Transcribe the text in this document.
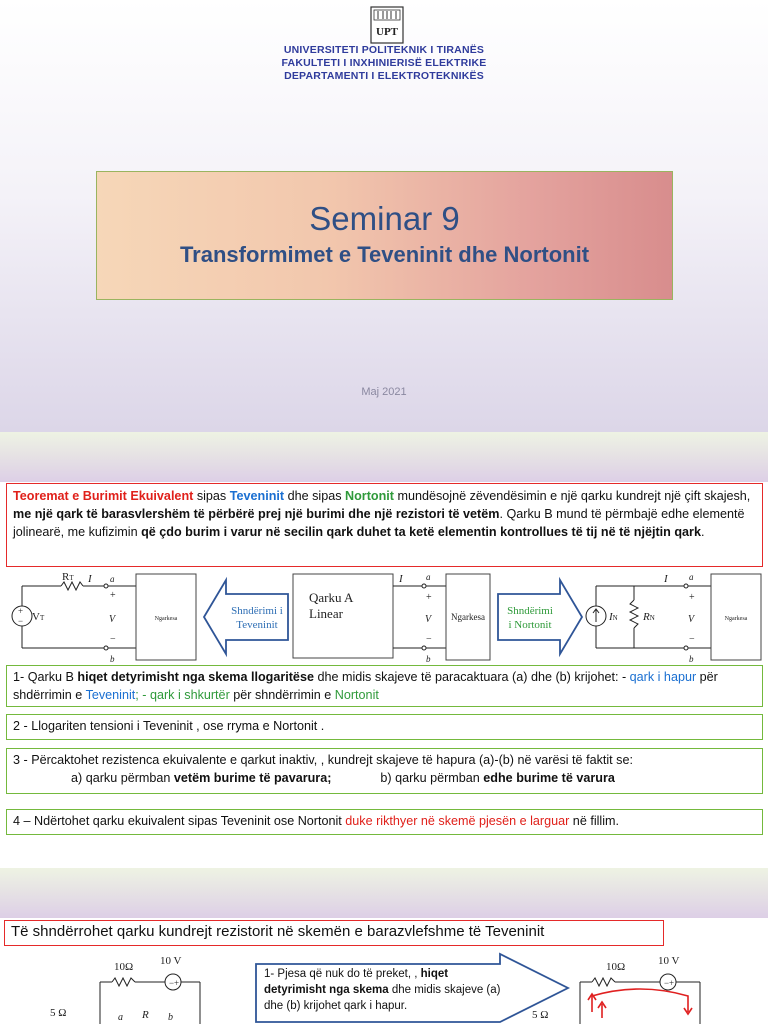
UPT
UNIVERSITETI POLITEKNIK I TIRANËS
FAKULTETI I INXHINIERISË ELEKTRIKE
DEPARTAMENTI I ELEKTROTEKNIKËS
Seminar 9
Transformimet e Teveninit dhe Nortonit
Maj 2021
Teoremat e Burimit Ekuivalent sipas Teveninit dhe sipas Nortonit mundësojnë zëvendësimin e një qarku kundrejt një çift skajesh, me një qark të barasvlershëm të përbërë prej një burimi dhe një rezistori të vetëm. Qarku B mund të përmbajë edhe elementë jolinearë, me kufizimin që çdo burim i varur në secilin qark duhet ta ketë elementin kontrollues të tij në të njëjtin qark.
RT I
VT
+
−
a
+
V
−
b
Ngarkesa
Shndërimi i
Teveninit
Qarku A
Linear
I	a
+
V
−
b
Ngarkesa Shndërimi
i Nortonit
IN RN
I a
+
V
−
b
Ngarkesa
1- Qarku B hiqet detyrimisht nga skema llogaritëse dhe midis skajeve të paracaktuara (a) dhe (b) krijohet: - qark i hapur për shdërrimin e Teveninit; - qark i shkurtër për shndërrimin e Nortonit
2 - Llogariten tensioni i Teveninit , ose rryma e Nortonit .
3 - Përcaktohet rezistenca ekuivalente e qarkut inaktiv, , kundrejt skajeve të hapura (a)-(b) në varësi të faktit se:
a) qarku përmban vetëm burime të pavarura;	b) qarku përmban edhe burime të varura
4 – Ndërtohet qarku ekuivalent sipas Teveninit ose Nortonit duke rikthyer në skemë pjesën e larguar në fillim.
Të shndërrohet qarku kundrejt rezistorit në skemën e barazvlefshme të Teveninit
10Ω 10 V
− +
5 Ω	a R b
1- Pjesa që nuk do të preket, , hiqet detyrimisht nga skema dhe midis skajeve (a) dhe (b) krijohet qark i hapur.
10Ω	10 V
− +
5 Ω
